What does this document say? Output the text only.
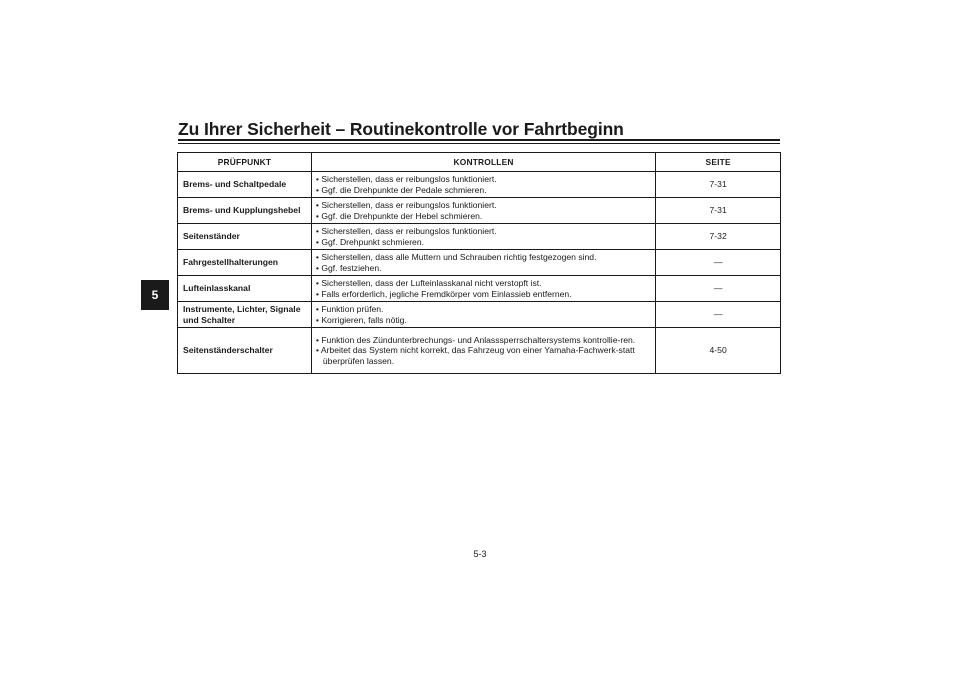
Zu Ihrer Sicherheit – Routinekontrolle vor Fahrtbeginn
5
PRÜFPUNKT	KONTROLLEN	SEITE
Brems- und Schaltpedale	• Sicherstellen, dass er reibungslos funktioniert.
• Ggf. die Drehpunkte der Pedale schmieren.	7-31
Brems- und Kupplungshebel	• Sicherstellen, dass er reibungslos funktioniert.
• Ggf. die Drehpunkte der Hebel schmieren.	7-31
Seitenständer	• Sicherstellen, dass er reibungslos funktioniert.
• Ggf. Drehpunkt schmieren.	7-32
Fahrgestellhalterungen	• Sicherstellen, dass alle Muttern und Schrauben richtig festgezogen sind.
• Ggf. festziehen.	—
Lufteinlasskanal	• Sicherstellen, dass der Lufteinlasskanal nicht verstopft ist.
• Falls erforderlich, jegliche Fremdkörper vom Einlassieb entfernen.	—
Instrumente, Lichter, Signale und Schalter	• Funktion prüfen.
• Korrigieren, falls nötig.	—
Seitenständerschalter	• Funktion des Zündunterbrechungs- und Anlasssperrschaltersystems kontrollie-ren.
• Arbeitet das System nicht korrekt, das Fahrzeug von einer Yamaha-Fachwerk-statt überprüfen lassen.	4-50
5-3
